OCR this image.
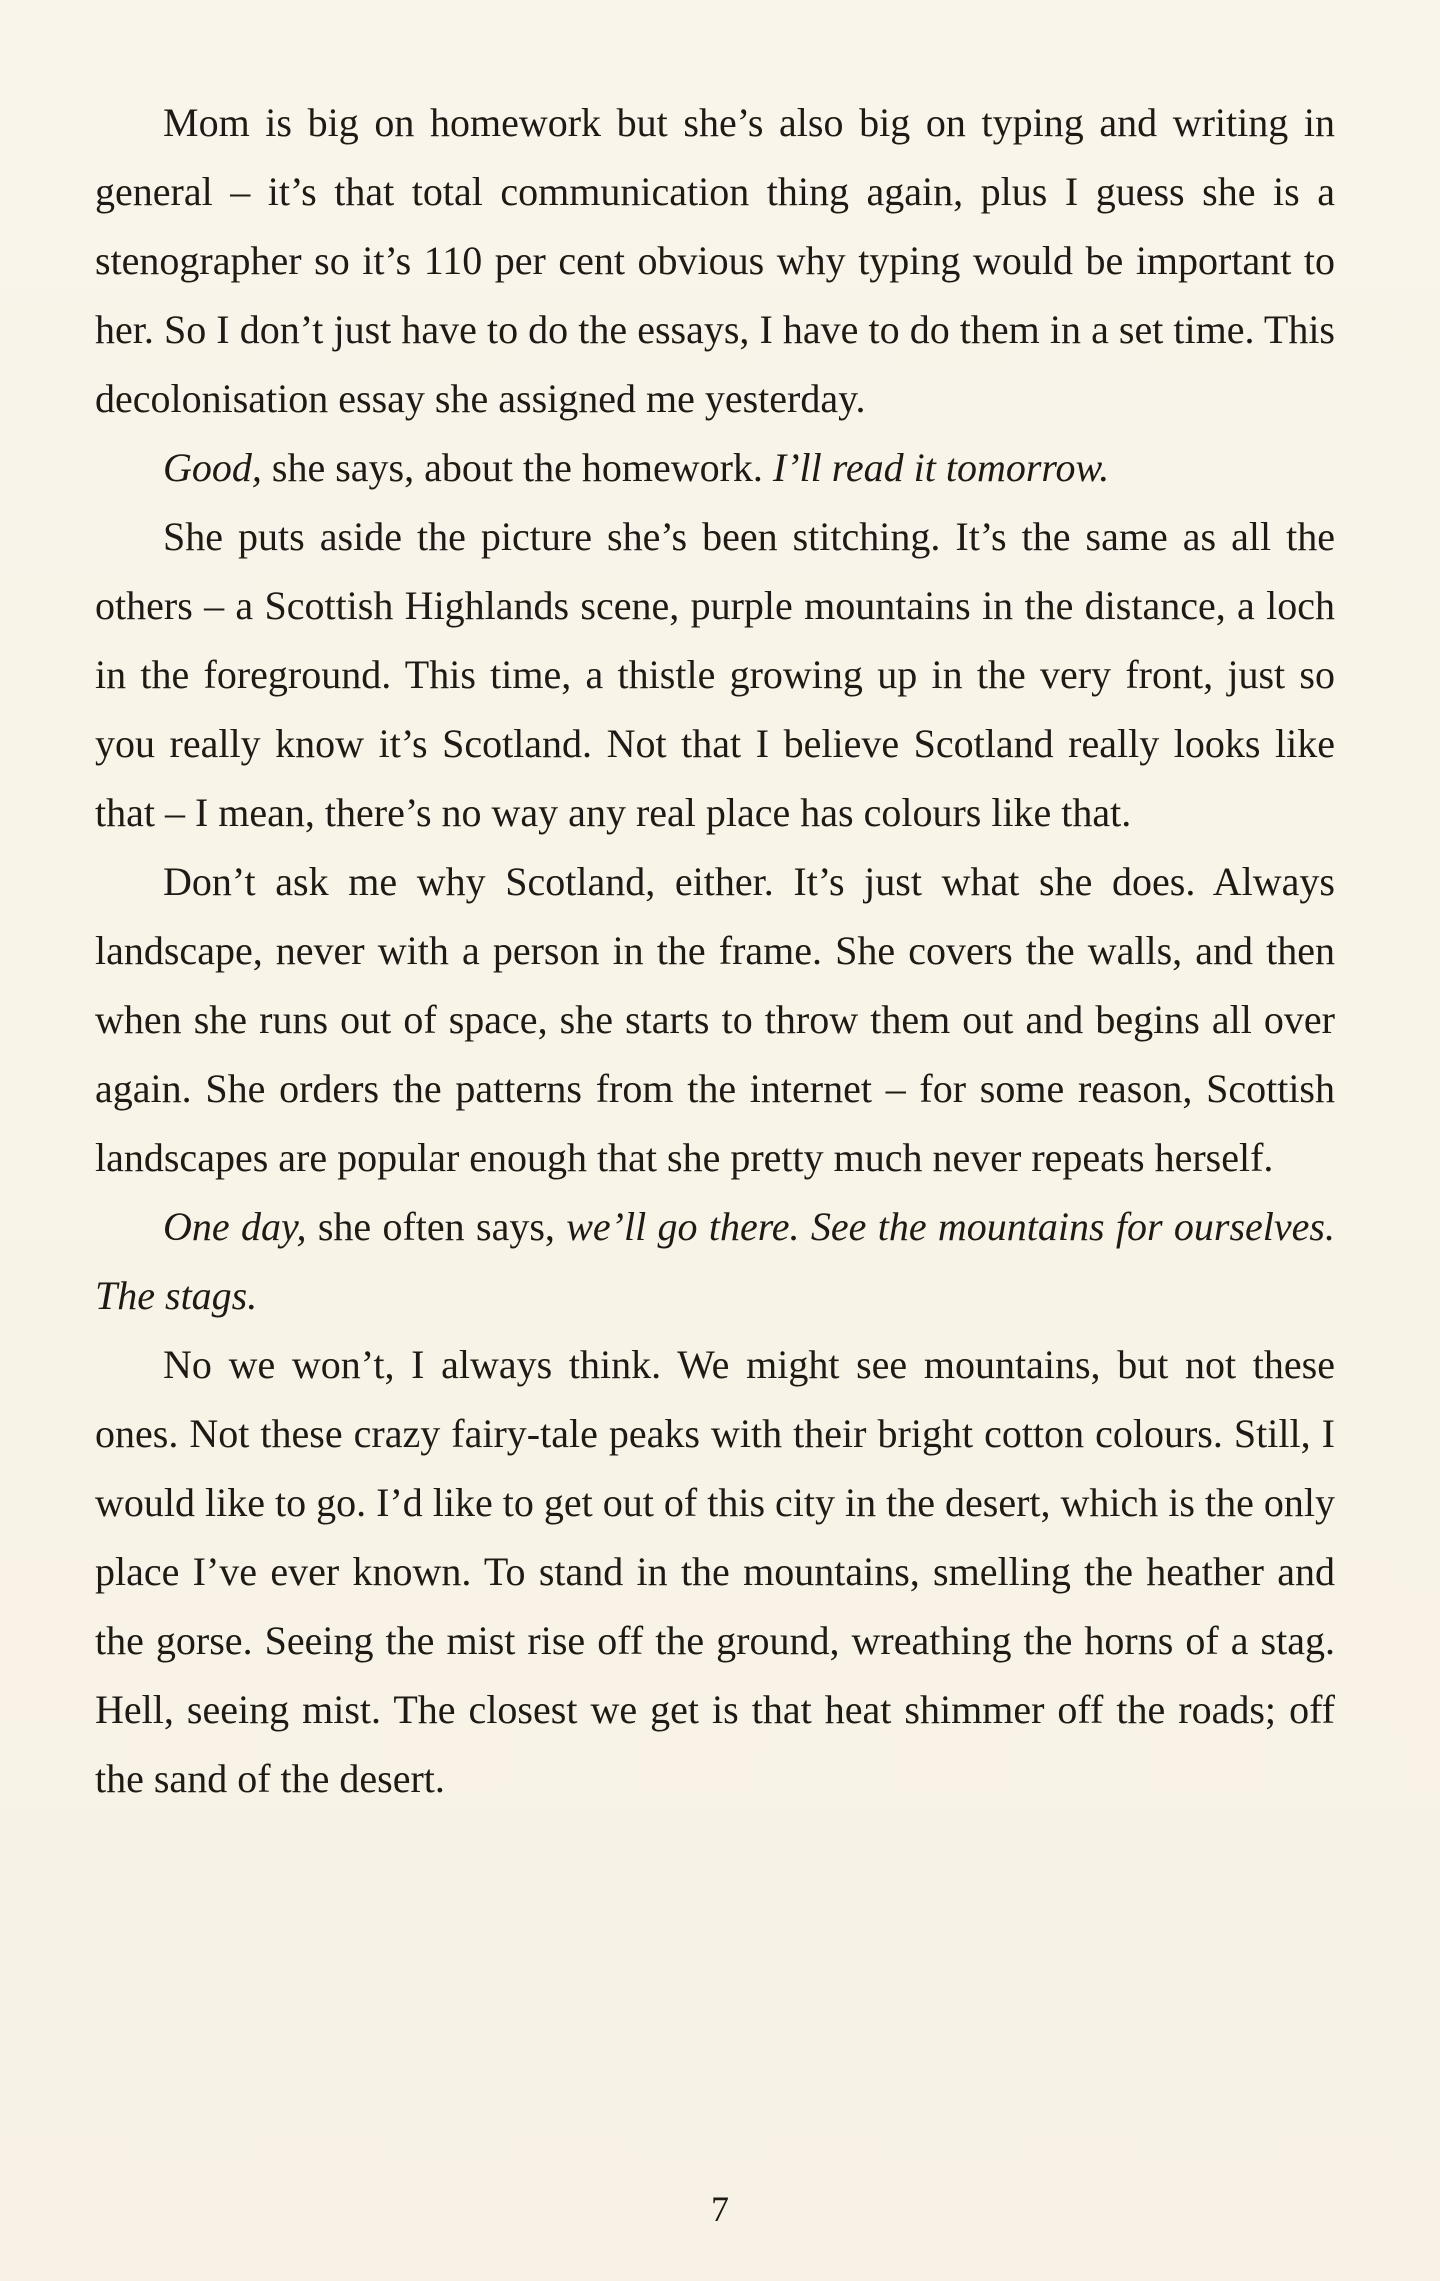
Mom is big on homework but she’s also big on typing and writing in general – it’s that total communication thing again, plus I guess she is a stenographer so it’s 110 per cent obvious why typing would be important to her. So I don’t just have to do the essays, I have to do them in a set time. This decolonisation essay she assigned me yesterday.

Good, she says, about the homework. I’ll read it tomorrow.

She puts aside the picture she’s been stitching. It’s the same as all the others – a Scottish Highlands scene, purple mountains in the distance, a loch in the foreground. This time, a thistle growing up in the very front, just so you really know it’s Scotland. Not that I believe Scotland really looks like that – I mean, there’s no way any real place has colours like that.

Don’t ask me why Scotland, either. It’s just what she does. Always landscape, never with a person in the frame. She covers the walls, and then when she runs out of space, she starts to throw them out and begins all over again. She orders the patterns from the internet – for some reason, Scottish landscapes are popular enough that she pretty much never repeats herself.

One day, she often says, we’ll go there. See the mountains for ourselves. The stags.

No we won’t, I always think. We might see mountains, but not these ones. Not these crazy fairy-tale peaks with their bright cotton colours. Still, I would like to go. I’d like to get out of this city in the desert, which is the only place I’ve ever known. To stand in the mountains, smelling the heather and the gorse. Seeing the mist rise off the ground, wreathing the horns of a stag. Hell, seeing mist. The closest we get is that heat shimmer off the roads; off the sand of the desert.

7
